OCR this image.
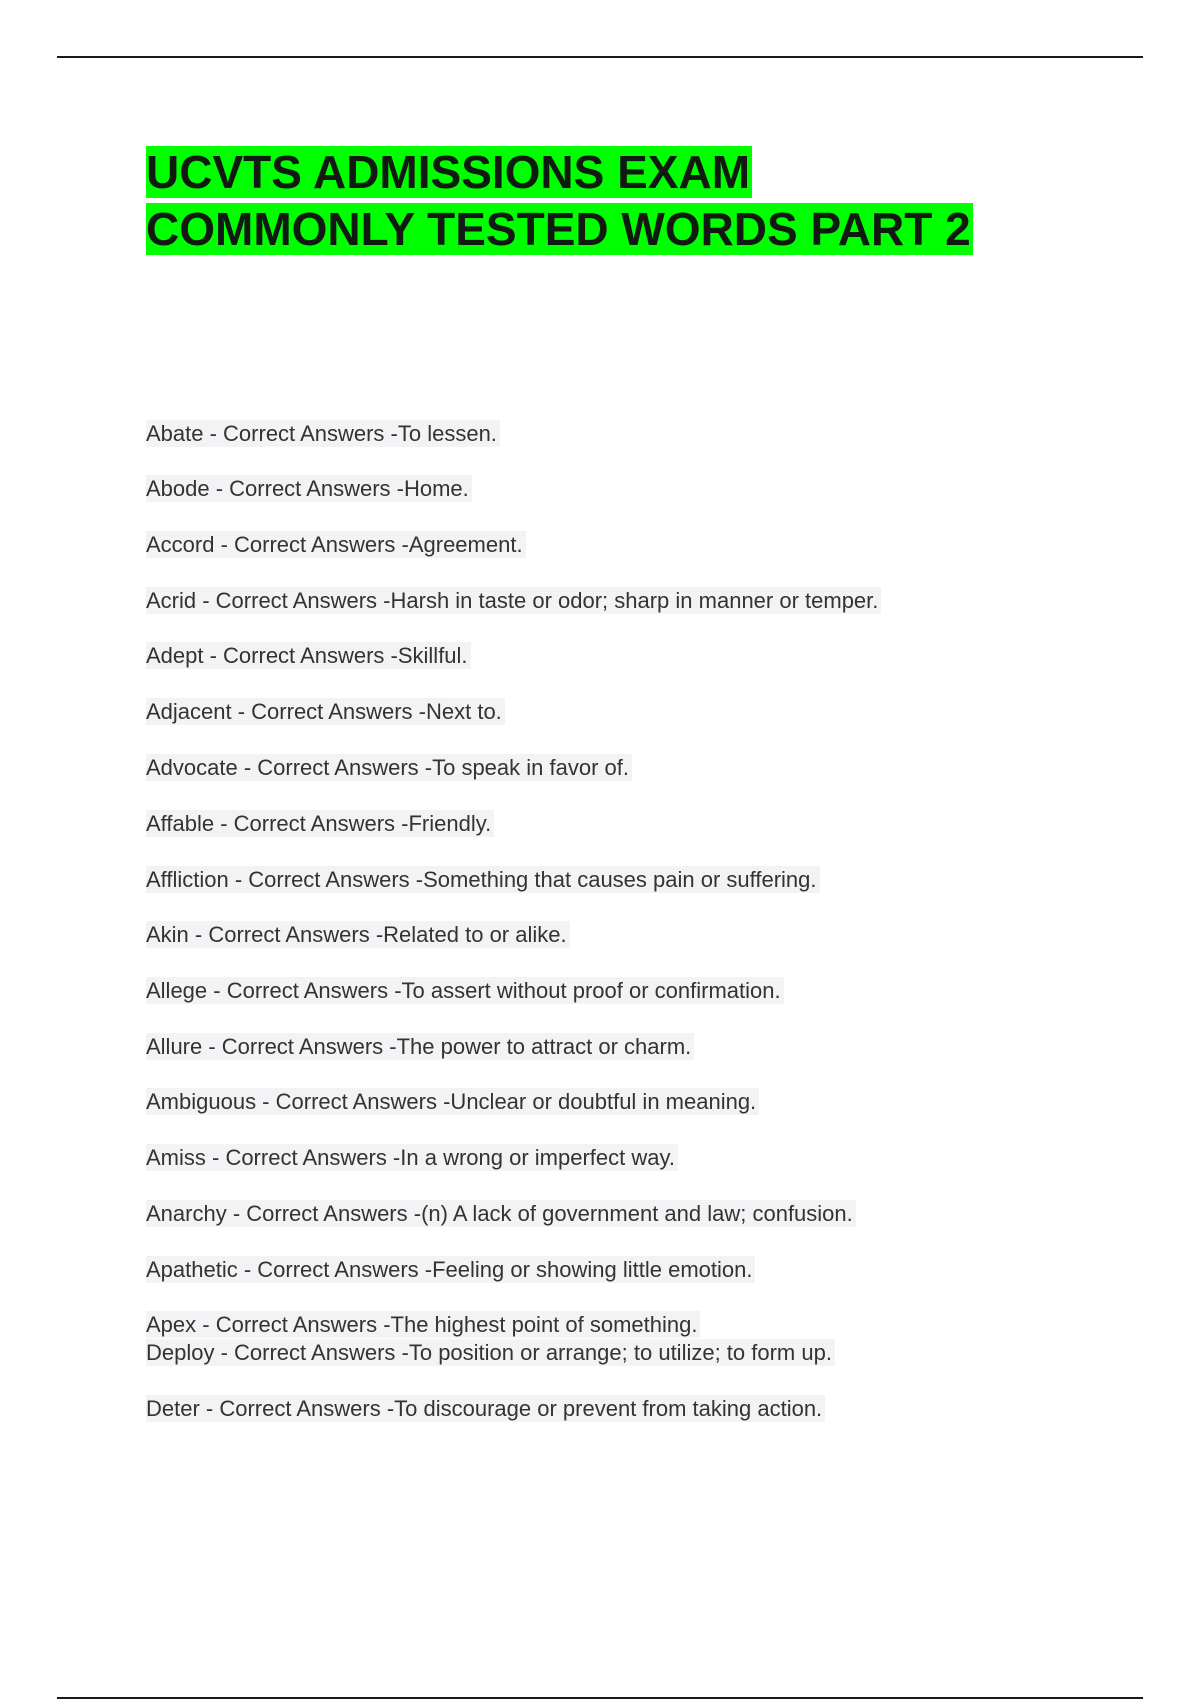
UCVTS ADMISSIONS EXAM
COMMONLY TESTED WORDS PART 2
Abate - Correct Answers -To lessen.
Abode - Correct Answers -Home.
Accord - Correct Answers -Agreement.
Acrid - Correct Answers -Harsh in taste or odor; sharp in manner or temper.
Adept - Correct Answers -Skillful.
Adjacent - Correct Answers -Next to.
Advocate - Correct Answers -To speak in favor of.
Affable - Correct Answers -Friendly.
Affliction - Correct Answers -Something that causes pain or suffering.
Akin - Correct Answers -Related to or alike.
Allege - Correct Answers -To assert without proof or confirmation.
Allure - Correct Answers -The power to attract or charm.
Ambiguous - Correct Answers -Unclear or doubtful in meaning.
Amiss - Correct Answers -In a wrong or imperfect way.
Anarchy - Correct Answers -(n) A lack of government and law; confusion.
Apathetic - Correct Answers -Feeling or showing little emotion.
Apex - Correct Answers -The highest point of something.
Deploy - Correct Answers -To position or arrange; to utilize; to form up.
Deter - Correct Answers -To discourage or prevent from taking action.
